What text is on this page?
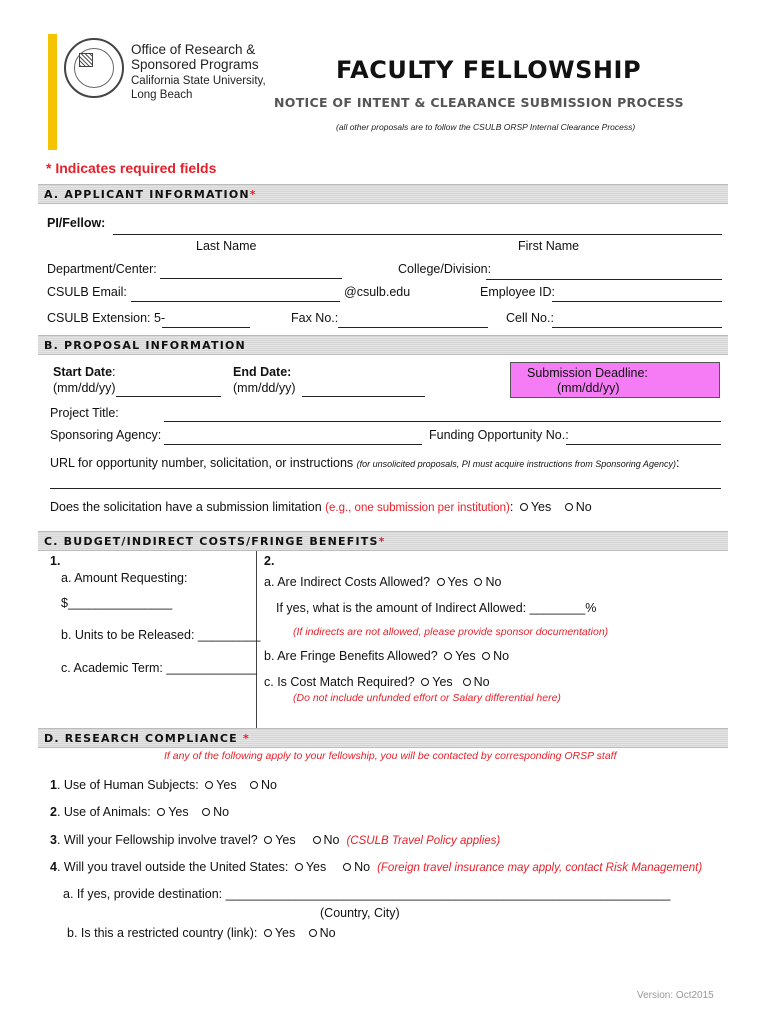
Office of Research &
Sponsored Programs
California State University,
Long Beach
FACULTY FELLOWSHIP
NOTICE OF INTENT & CLEARANCE SUBMISSION PROCESS
(all other proposals are to follow the CSULB ORSP Internal Clearance Process)
* Indicates required fields
A. APPLICANT INFORMATION*
PI/Fellow:
Last Name	First Name
Department/Center:	College/Division:
CSULB Email:	@csulb.edu	Employee ID:
CSULB Extension: 5-	Fax No.:	Cell No.:
B. PROPOSAL INFORMATION
Start Date:
(mm/dd/yy)
End Date:
(mm/dd/yy)
Submission Deadline:
(mm/dd/yy)
Project Title:
Sponsoring Agency:	Funding Opportunity No.:
URL for opportunity number, solicitation, or instructions (for unsolicited proposals, PI must acquire instructions from Sponsoring Agency):
Does the solicitation have a submission limitation (e.g., one submission per institution): Yes No
C. BUDGET/INDIRECT COSTS/FRINGE BENEFITS*
1.
a. Amount Requesting:
$_______________
b. Units to be Released: _________
c. Academic Term: _____________
2.
a. Are Indirect Costs Allowed? Yes No
If yes, what is the amount of Indirect Allowed: ________%
(If indirects are not allowed, please provide sponsor documentation)
b. Are Fringe Benefits Allowed? Yes No
c. Is Cost Match Required? Yes No
(Do not include unfunded effort or Salary differential here)
D. RESEARCH COMPLIANCE *
If any of the following apply to your fellowship, you will be contacted by corresponding ORSP staff
1. Use of Human Subjects: Yes No
2. Use of Animals: Yes No
3. Will your Fellowship involve travel? Yes No (CSULB Travel Policy applies)
4. Will you travel outside the United States: Yes No (Foreign travel insurance may apply, contact Risk Management)
a. If yes, provide destination: ________________________________________________________________
(Country, City)
b. Is this a restricted country (link): Yes No
Version: Oct2015
